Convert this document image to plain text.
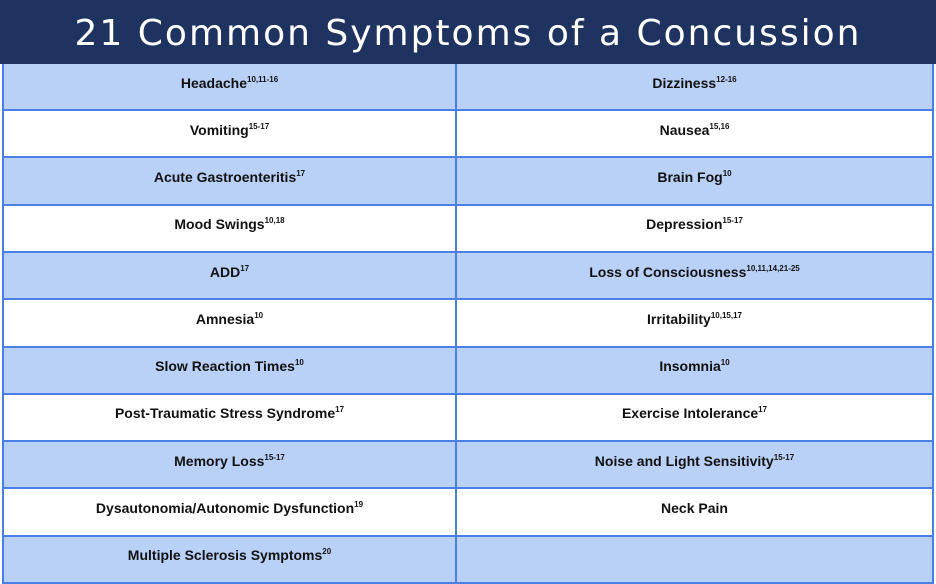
21 Common Symptoms of a Concussion
Headache$^{10,11-16}$	Dizziness$^{12-16}$
Vomiting$^{15-17}$	Nausea$^{15,16}$
Acute Gastroenteritis$^{17}$	Brain Fog$^{10}$
Mood Swings$^{10,18}$	Depression$^{15-17}$
ADD$^{17}$	Loss of Consciousness$^{10,11,14,21-25}$
Amnesia$^{10}$	Irritability$^{10,15,17}$
Slow Reaction Times$^{10}$	Insomnia$^{10}$
Post-Traumatic Stress Syndrome$^{17}$	Exercise Intolerance$^{17}$
Memory Loss$^{15-17}$	Noise and Light Sensitivity$^{15-17}$
Dysautonomia/Autonomic Dysfunction$^{19}$	Neck Pain
Multiple Sclerosis Symptoms$^{20}$	
